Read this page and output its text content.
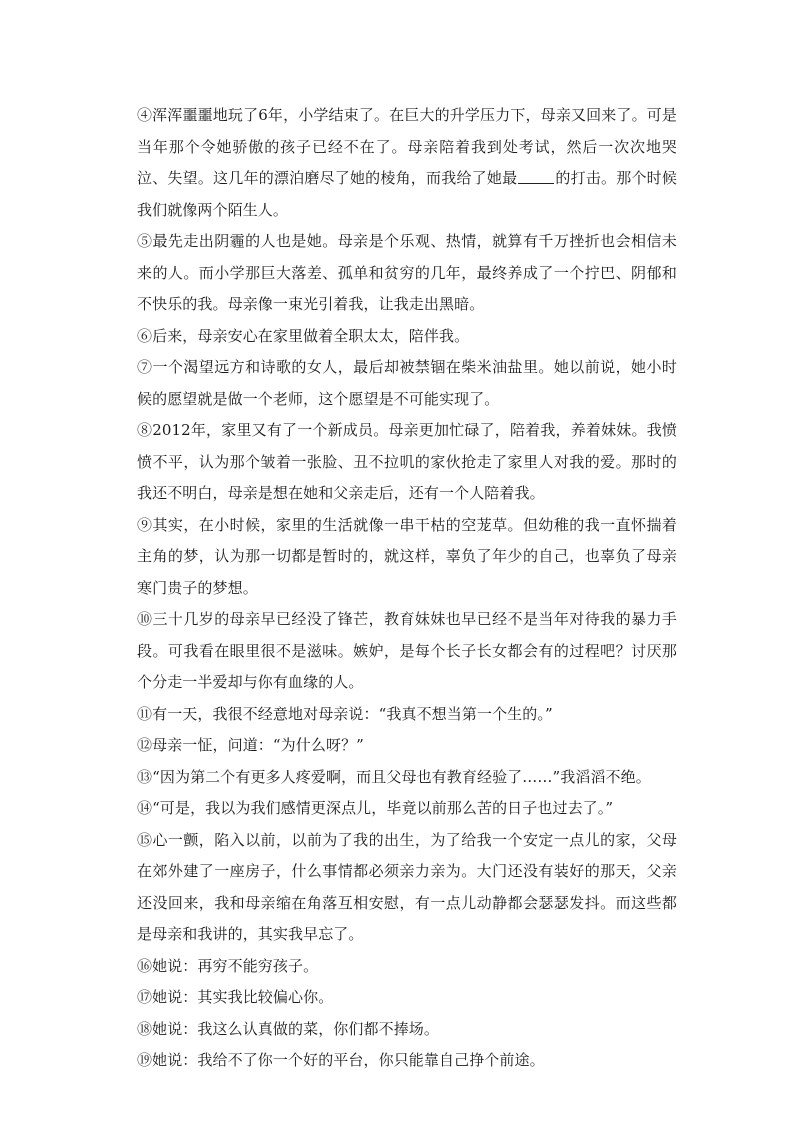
④浑浑噩噩地玩了6年，小学结束了。在巨大的升学压力下，母亲又回来了。可是当年那个令她骄傲的孩子已经不在了。母亲陪着我到处考试，然后一次次地哭泣、失望。这几年的漂泊磨尽了她的棱角，而我给了她最	的打击。那个时候我们就像两个陌生人。

⑤最先走出阴霾的人也是她。母亲是个乐观、热情，就算有千万挫折也会相信未来的人。而小学那巨大落差、孤单和贫穷的几年，最终养成了一个拧巴、阴郁和不快乐的我。母亲像一束光引着我，让我走出黑暗。

⑥后来，母亲安心在家里做着全职太太，陪伴我。

⑦一个渴望远方和诗歌的女人，最后却被禁锢在柴米油盐里。她以前说，她小时候的愿望就是做一个老师，这个愿望是不可能实现了。

⑧2012年，家里又有了一个新成员。母亲更加忙碌了，陪着我，养着妹妹。我愤愤不平，认为那个皱着一张脸、丑不拉叽的家伙抢走了家里人对我的爱。那时的我还不明白，母亲是想在她和父亲走后，还有一个人陪着我。

⑨其实，在小时候，家里的生活就像一串干枯的空茏草。但幼稚的我一直怀揣着主角的梦，认为那一切都是暂时的，就这样，辜负了年少的自己，也辜负了母亲寒门贵子的梦想。

⑩三十几岁的母亲早已经没了锋芒，教育妹妹也早已经不是当年对待我的暴力手段。可我看在眼里很不是滋味。嫉妒，是每个长子长女都会有的过程吧？讨厌那个分走一半爱却与你有血缘的人。

⑪有一天，我很不经意地对母亲说：“我真不想当第一个生的。”

⑫母亲一怔，问道：“为什么呀？”

⑬“因为第二个有更多人疼爱啊，而且父母也有教育经验了……”我滔滔不绝。

⑭“可是，我以为我们感情更深点儿，毕竟以前那么苦的日子也过去了。”

⑮心一颤，陷入以前，以前为了我的出生，为了给我一个安定一点儿的家，父母在郊外建了一座房子，什么事情都必须亲力亲为。大门还没有装好的那天，父亲还没回来，我和母亲缩在角落互相安慰，有一点儿动静都会瑟瑟发抖。而这些都是母亲和我讲的，其实我早忘了。

⑯她说：再穷不能穷孩子。

⑰她说：其实我比较偏心你。

⑱她说：我这么认真做的菜，你们都不捧场。

⑲她说：我给不了你一个好的平台，你只能靠自己挣个前途。
